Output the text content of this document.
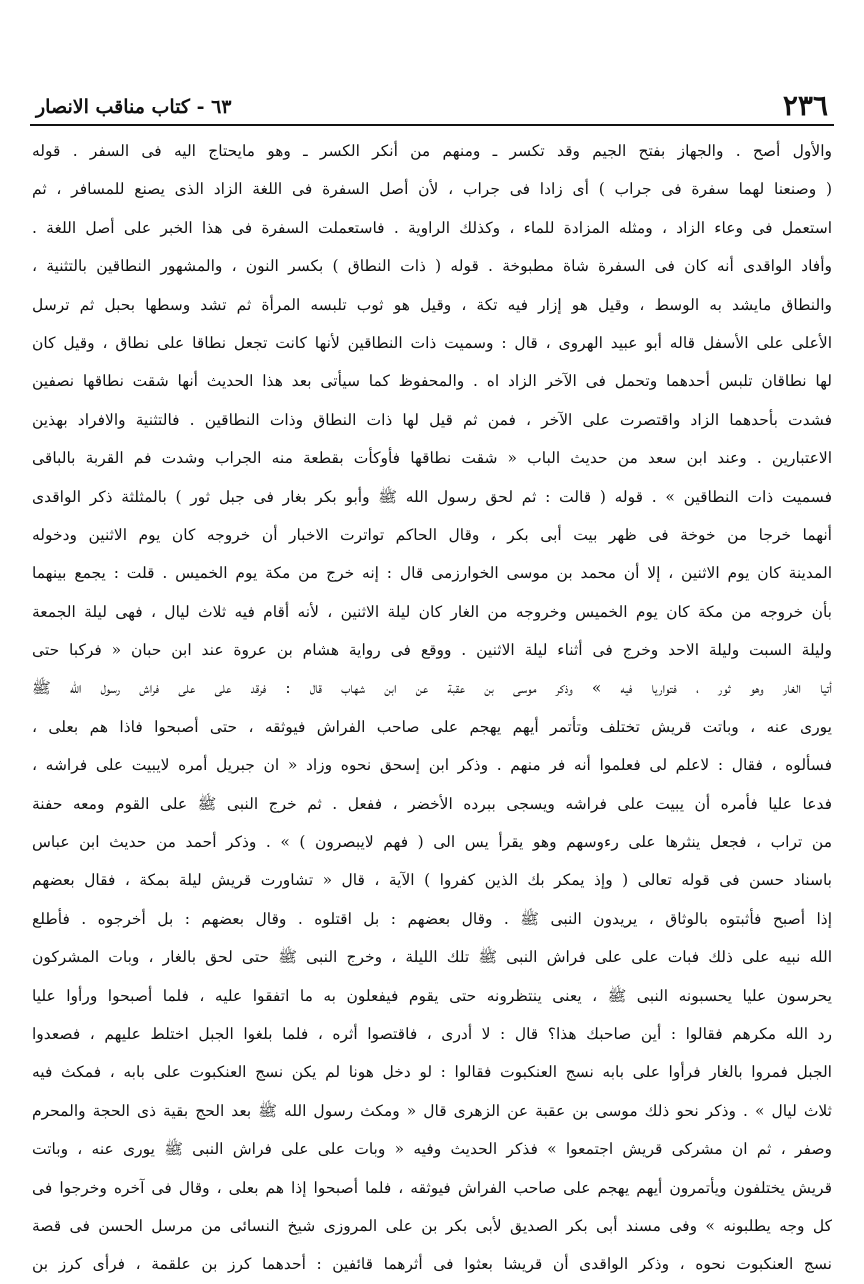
٦٣ - كتاب مناقب الانصار	٢٣٦
والأول أصح . والجهاز بفتح الجيم وقد تكسر ـ ومنهم من أنكر الكسر ـ وهو مايحتاج اليه فى السفر . قوله
( وصنعنا لهما سفرة فى جراب ) أى زادا فى جراب ، لأن أصل السفرة فى اللغة الزاد الذى يصنع للمسافر ، ثم
استعمل فى وعاء الزاد ، ومثله المزادة للماء ، وكذلك الراوية . فاستعملت السفرة فى هذا الخبر على أصل اللغة .
وأفاد الواقدى أنه كان فى السفرة شاة مطبوخة . قوله ( ذات النطاق ) بكسر النون ، والمشهور النطاقين بالتثنية ،
والنطاق مايشد به الوسط ، وقيل هو إزار فيه تكة ، وقيل هو ثوب تلبسه المرأة ثم تشد وسطها بحبل ثم ترسل
الأعلى على الأسفل قاله أبو عبيد الهروى ، قال : وسميت ذات النطاقين لأنها كانت تجعل نطاقا على نطاق ، وقيل كان
لها نطاقان تلبس أحدهما وتحمل فى الآخر الزاد اه . والمحفوظ كما سيأتى بعد هذا الحديث أنها شقت نطاقها نصفين
فشدت بأحدهما الزاد واقتصرت على الآخر ، فمن ثم قيل لها ذات النطاق وذات النطاقين . فالتثنية والافراد بهذين
الاعتبارين . وعند ابن سعد من حديث الباب « شقت نطاقها فأوكأت بقطعة منه الجراب وشدت فم القربة بالباقى
فسميت ذات النطاقين » . قوله ( قالت : ثم لحق رسول الله ﷺ وأبو بكر بغار فى جبل ثور ) بالمثلثة ذكر الواقدى
أنهما خرجا من خوخة فى ظهر بيت أبى بكر ، وقال الحاكم تواترت الاخبار أن خروجه كان يوم الاثنين ودخوله
المدينة كان يوم الاثنين ، إلا أن محمد بن موسى الخوارزمى قال : إنه خرج من مكة يوم الخميس . قلت : يجمع بينهما
بأن خروجه من مكة كان يوم الخميس وخروجه من الغار كان ليلة الاثنين ، لأنه أقام فيه ثلاث ليال ، فهى ليلة الجمعة
وليلة السبت وليلة الاحد وخرج فى أثناء ليلة الاثنين . ووقع فى رواية هشام بن عروة عند ابن حبان « فركبا حتى
أتيا الغار وهو ثور ، فتواريا فيه » وذكر موسى بن عقبة عن ابن شهاب قال : فرقد على على فراش رسول الله ﷺ
يورى عنه ، وباتت قريش تختلف وتأتمر أيهم يهجم على صاحب الفراش فيوثقه ، حتى أصبحوا فاذا هم بعلى ،
فسألوه ، فقال : لاعلم لى فعلموا أنه فر منهم . وذكر ابن إسحق نحوه وزاد « ان جبريل أمره لايبيت على فراشه ،
فدعا عليا فأمره أن يبيت على فراشه ويسجى ببرده الأخضر ، ففعل . ثم خرج النبى ﷺ على القوم ومعه حفنة
من تراب ، فجعل ينثرها على رءوسهم وهو يقرأ يس الى ( فهم لايبصرون ) » . وذكر أحمد من حديث ابن عباس
باسناد حسن فى قوله تعالى ( وإذ يمكر بك الذين كفروا ) الآية ، قال « تشاورت قريش ليلة بمكة ، فقال بعضهم
إذا أصبح فأثبتوه بالوثاق ، يريدون النبى ﷺ . وقال بعضهم : بل اقتلوه . وقال بعضهم : بل أخرجوه . فأطلع
الله نبيه على ذلك فبات على على فراش النبى ﷺ تلك الليلة ، وخرج النبى ﷺ حتى لحق بالغار ، وبات المشركون
يحرسون عليا يحسبونه النبى ﷺ ، يعنى ينتظرونه حتى يقوم فيفعلون به ما اتفقوا عليه ، فلما أصبحوا ورأوا عليا
رد الله مكرهم فقالوا : أين صاحبك هذا؟ قال : لا أدرى ، فاقتصوا أثره ، فلما بلغوا الجبل اختلط عليهم ، فصعدوا
الجبل فمروا بالغار فرأوا على بابه نسج العنكبوت فقالوا : لو دخل هونا لم يكن نسج العنكبوت على بابه ، فمكث فيه
ثلاث ليال » . وذكر نحو ذلك موسى بن عقبة عن الزهرى قال « ومكث رسول الله ﷺ بعد الحج بقية ذى الحجة والمحرم
وصفر ، ثم ان مشركى قريش اجتمعوا » فذكر الحديث وفيه « وبات على على فراش النبى ﷺ يورى عنه ، وباتت
قريش يختلفون ويأتمرون أيهم يهجم على صاحب الفراش فيوثقه ، فلما أصبحوا إذا هم بعلى ، وقال فى آخره وخرجوا فى
كل وجه يطلبونه » وفى مسند أبى بكر الصديق لأبى بكر بن على المروزى شيخ النسائى من مرسل الحسن فى قصة
نسج العنكبوت نحوه ، وذكر الواقدى أن قريشا بعثوا فى أثرهما قائفين : أحدهما كرز بن علقمة ، فرأى كرز بن
